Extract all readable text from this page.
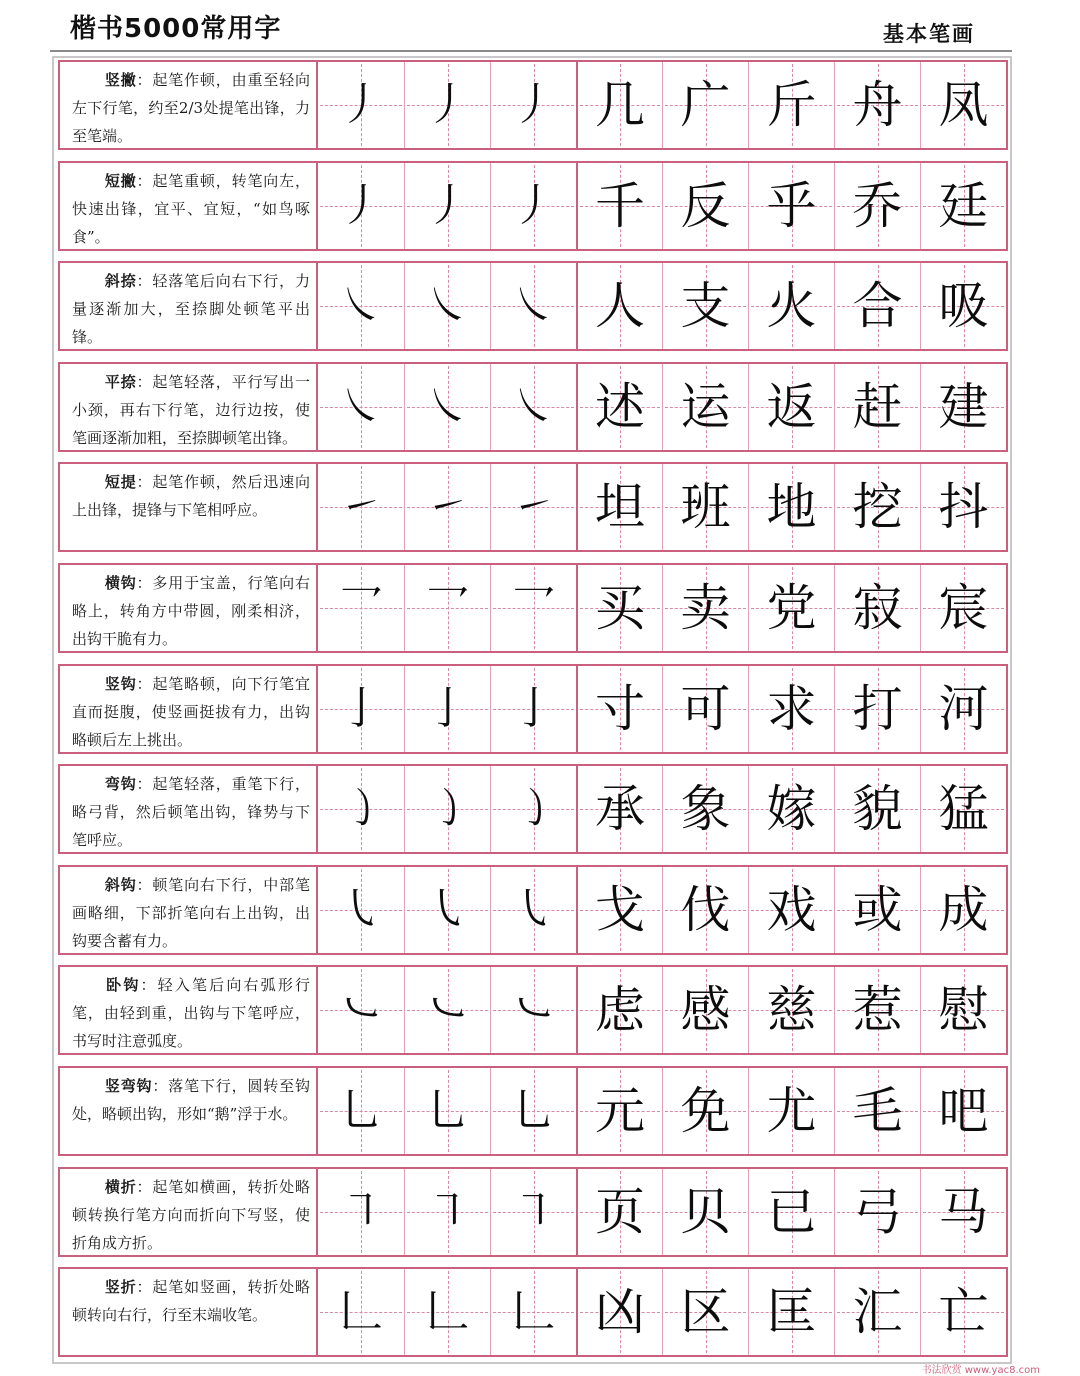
楷书5000常用字	基本笔画
竖撇：起笔作顿，由重至轻向左下行笔，约至2/3处提笔出锋，力至笔端。
丿 丿 丿 几 广 斤 舟 凤
短撇：起笔重顿，转笔向左，快速出锋，宜平、宜短，“如鸟啄食”。
丿 丿 丿 千 反 乎 乔 廷
斜捺：轻落笔后向右下行，力量逐渐加大，至捺脚处顿笔平出锋。
㇏ ㇏ ㇏ 人 支 火 合 吸
平捺：起笔轻落，平行写出一小颈，再右下行笔，边行边按，使笔画逐渐加粗，至捺脚顿笔出锋。
㇏ ㇏ ㇏ 述 运 返 赶 建
短提：起笔作顿，然后迅速向上出锋，提锋与下笔相呼应。	㇀ ㇀ ㇀ 坦 班 地 挖 抖
横钩：多用于宝盖，行笔向右略上，转角方中带圆，刚柔相济，出钩干脆有力。
乛 乛 乛 买 卖 党 寂 宸
竖钩：起笔略顿，向下行笔宜直而挺腹，使竖画挺拔有力，出钩略顿后左上挑出。
亅 亅 亅 寸 可 求 打 河
弯钩：起笔轻落，重笔下行，略弓背，然后顿笔出钩，锋势与下笔呼应。
㇁ ㇁ ㇁ 承 象 嫁 貌 猛
斜钩：顿笔向右下行，中部笔画略细，下部折笔向右上出钩，出钩要含蓄有力。
㇂ ㇂ ㇂ 戈 伐 戏 或 成
卧钩：轻入笔后向右弧形行笔，由轻到重，出钩与下笔呼应，书写时注意弧度。
㇃ ㇃ ㇃ 虑 感 慈 惹 慰
竖弯钩：落笔下行，圆转至钩处，略顿出钩，形如“鹅”浮于水。 乚 乚 乚 元 免 尤 毛 吧
横折：起笔如横画，转折处略顿转换行笔方向而折向下写竖，使折角成方折。
㇕ ㇕ ㇕ 页 贝 已 弓 马
竖折：起笔如竖画，转折处略顿转向右行，行至末端收笔。	𠃊 𠃊 𠃊 凶 区 匡 汇 亡
书法欣赏 www.yac8.com
